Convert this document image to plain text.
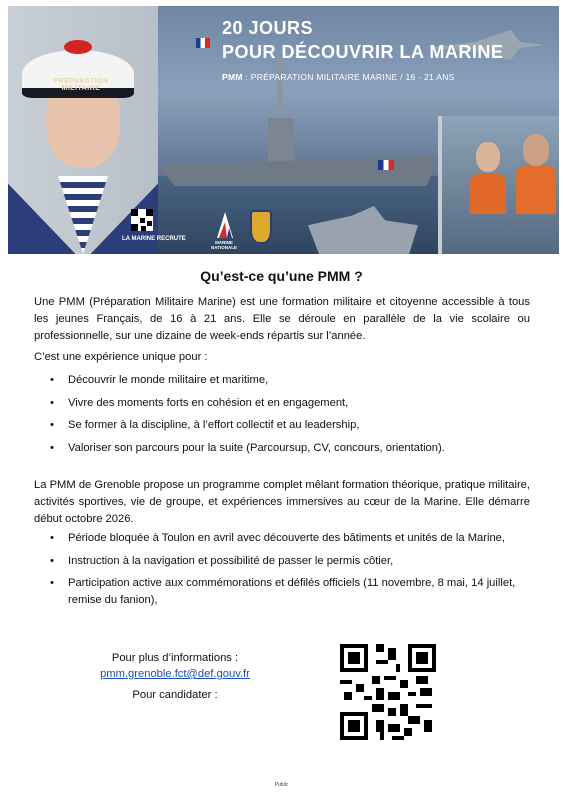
PRÉPARATION MILITAIRE
20 JOURS
POUR DÉCOUVRIR LA MARINE
PMM : PRÉPARATION MILITAIRE MARINE / 16 - 21 ANS
LA MARINE RECRUTE
MARINE NATIONALE
Qu’est-ce qu’une PMM ?

Une PMM (Préparation Militaire Marine) est une formation militaire et citoyenne accessible à tous les jeunes Français, de 16 à 21 ans. Elle se déroule en parallèle de la vie scolaire ou professionnelle, sur une dizaine de week-ends répartis sur l’année.

C’est une expérience unique pour :

• Découvrir le monde militaire et maritime,
• Vivre des moments forts en cohésion et en engagement,
• Se former à la discipline, à l’effort collectif et au leadership,
• Valoriser son parcours pour la suite (Parcoursup, CV, concours, orientation).

La PMM de Grenoble propose un programme complet mêlant formation théorique, pratique militaire, activités sportives, vie de groupe, et expériences immersives au cœur de la Marine. Elle démarre début octobre 2026.

• Période bloquée à Toulon en avril avec découverte des bâtiments et unités de la Marine,
• Instruction à la navigation et possibilité de passer le permis côtier,
• Participation active aux commémorations et défilés officiels (11 novembre, 8 mai, 14 juillet, remise du fanion),
Pour plus d’informations :
pmm.grenoble.fct@def.gouv.fr
Pour candidater :
Public
